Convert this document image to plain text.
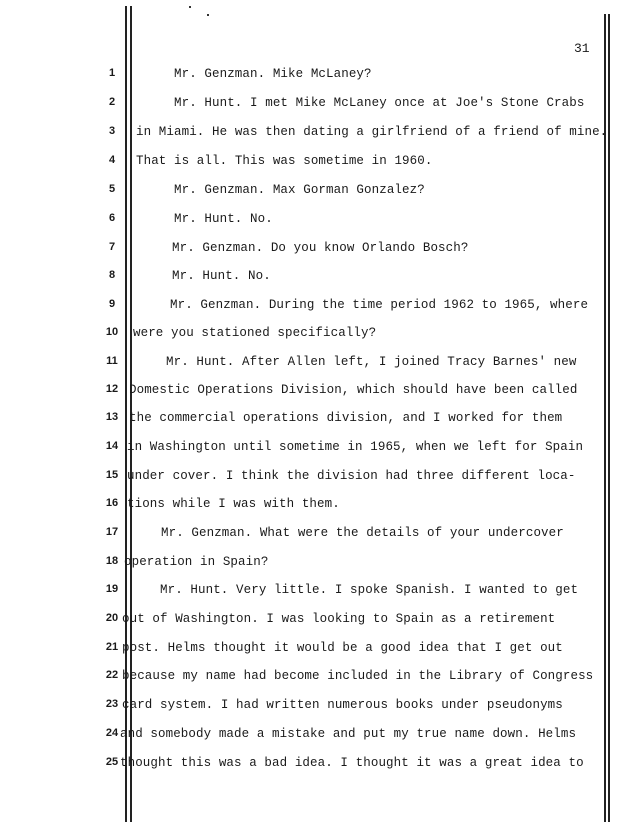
31
1
2
3
4
5
6
7
8
9
10
11
12
13
14
15
16
17
18
19
20
21
22
23
24
25
Mr. Genzman. Mike McLaney?
Mr. Hunt. I met Mike McLaney once at Joe's Stone Crabs
in Miami. He was then dating a girlfriend of a friend of mine.
That is all. This was sometime in 1960.
Mr. Genzman. Max Gorman Gonzalez?
Mr. Hunt. No.
Mr. Genzman. Do you know Orlando Bosch?
Mr. Hunt. No.
Mr. Genzman. During the time period 1962 to 1965, where
were you stationed specifically?
Mr. Hunt. After Allen left, I joined Tracy Barnes' new
Domestic Operations Division, which should have been called
the commercial operations division, and I worked for them
in Washington until sometime in 1965, when we left for Spain
under cover. I think the division had three different loca-
tions while I was with them.
Mr. Genzman. What were the details of your undercover
operation in Spain?
Mr. Hunt. Very little. I spoke Spanish. I wanted to get
out of Washington. I was looking to Spain as a retirement
post. Helms thought it would be a good idea that I get out
because my name had become included in the Library of Congress
card system. I had written numerous books under pseudonyms
and somebody made a mistake and put my true name down. Helms
thought this was a bad idea. I thought it was a great idea to
